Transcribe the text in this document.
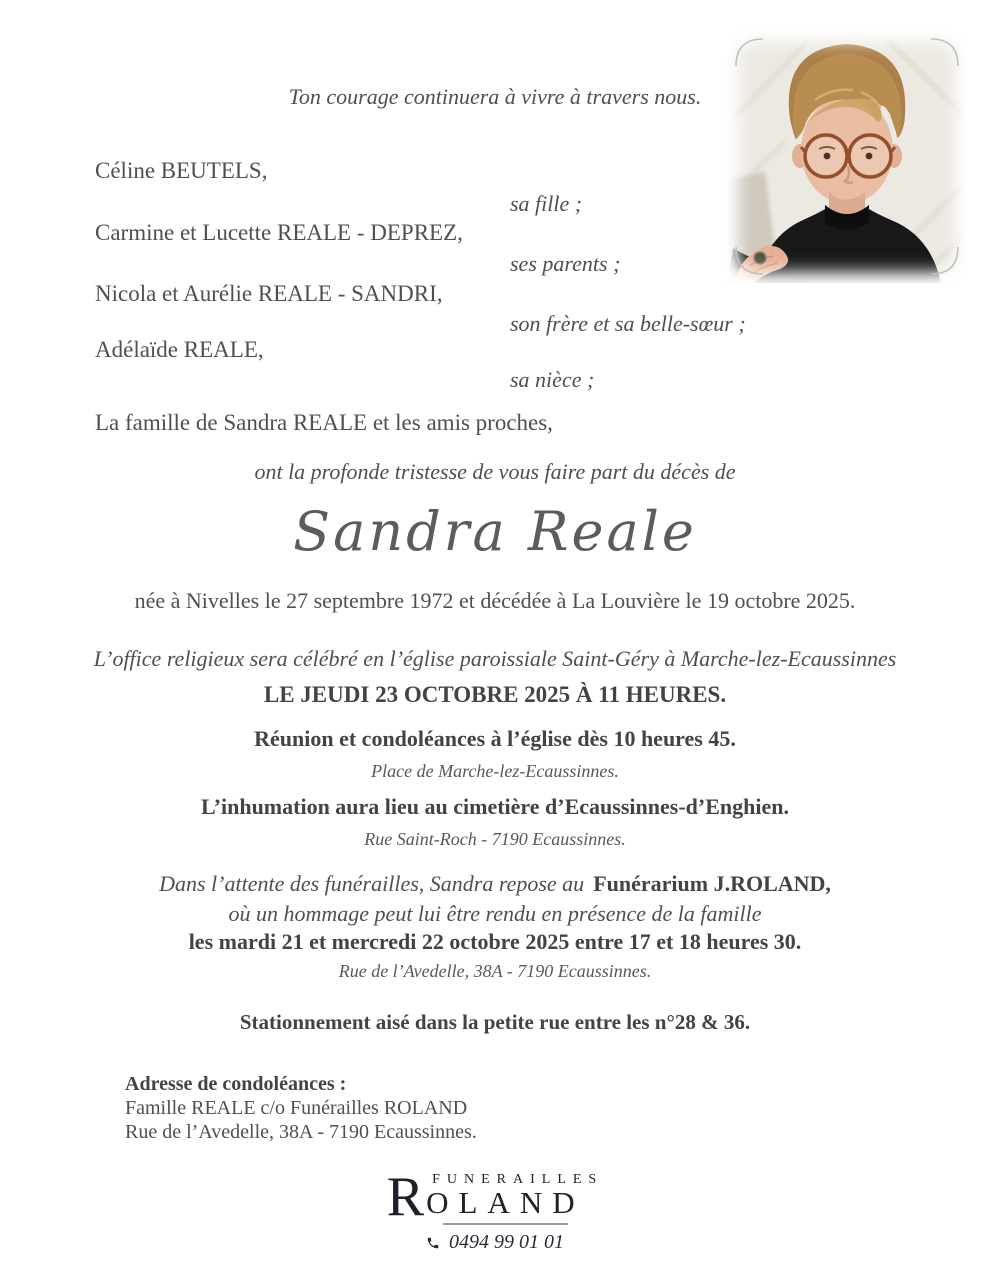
Ton courage continuera à vivre à travers nous.
Céline BEUTELS,
sa fille ;
Carmine et Lucette REALE - DEPREZ,
ses parents ;
Nicola et Aurélie REALE - SANDRI,
son frère et sa belle-sœur ;
Adélaïde REALE,
sa nièce ;
La famille de Sandra REALE et les amis proches,
ont la profonde tristesse de vous faire part du décès de
Sandra Reale
née à Nivelles le 27 septembre 1972 et décédée à La Louvière le 19 octobre 2025.
L’office religieux sera célébré en l’église paroissiale Saint-Géry à Marche-lez-Ecaussinnes
LE JEUDI 23 OCTOBRE 2025 À 11 HEURES.
Réunion et condoléances à l’église dès 10 heures 45.
Place de Marche-lez-Ecaussinnes.
L’inhumation aura lieu au cimetière d’Ecaussinnes-d’Enghien.
Rue Saint-Roch - 7190 Ecaussinnes.
Dans l’attente des funérailles, Sandra repose au Funérarium J.ROLAND,
où un hommage peut lui être rendu en présence de la famille
les mardi 21 et mercredi 22 octobre 2025 entre 17 et 18 heures 30.
Rue de l’Avedelle, 38A - 7190 Ecaussinnes.
Stationnement aisé dans la petite rue entre les n°28 & 36.
Adresse de condoléances :
Famille REALE c/o Funérailles ROLAND
Rue de l’Avedelle, 38A - 7190 Ecaussinnes.
R FUNERAILLES
OLAND
0494 99 01 01
